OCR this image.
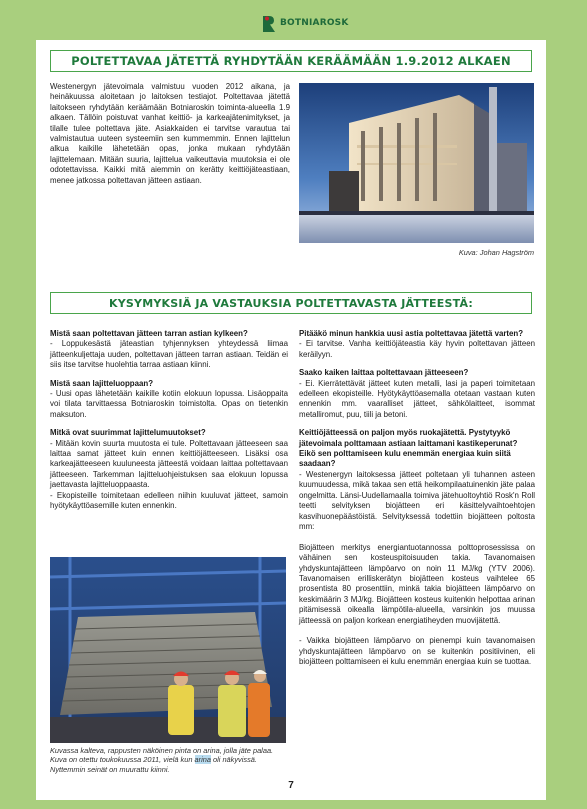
BOTNIAROSK
POLTETTAVAA JÄTETTÄ RYHDYTÄÄN KERÄÄMÄÄN 1.9.2012 ALKAEN
Westenergyn jätevoimala valmistuu vuoden 2012 aikana, ja heinäkuussa aloitetaan jo laitoksen testiajot. Poltettavaa jätettä laitokseen ryhdytään keräämään Botniaroskin toiminta-alueella 1.9 alkaen. Tällöin poistuvat vanhat keittiö- ja karkeajätenimitykset, ja tilalle tulee poltettava jäte. Asiakkaiden ei tarvitse varautua tai valmistautua uuteen systeemiin sen kummemmin. Ennen lajittelun alkua kaikille lähetetään opas, jonka mukaan ryhdytään lajittelemaan. Mitään suuria, lajittelua vaikeuttavia muutoksia ei ole odotettavissa. Kaikki mitä aiemmin on kerätty keittiöjäteastiaan, menee jatkossa poltettavan jätteen astiaan.
Kuva: Johan Hagström
KYSYMYKSIÄ JA VASTAUKSIA POLTETTAVASTA JÄTTEESTÄ:
Mistä saan poltettavan jätteen tarran astian kylkeen?
- Loppukesästä jäteastian tyhjennyksen yhteydessä liimaa jätteenkuljettaja uuden, poltettavan jätteen tarran astiaan. Teidän ei siis itse tarvitse huolehtia tarraa astiaan kiinni.
Mistä saan lajitteluoppaan?
- Uusi opas lähetetään kaikille kotiin elokuun lopussa. Lisäoppaita voi tilata tarvittaessa Botniaroskin toimistolta. Opas on tietenkin maksuton.
Mitkä ovat suurimmat lajittelumuutokset?
- Mitään kovin suurta muutosta ei tule. Poltettavaan jätteeseen saa laittaa samat jätteet kuin ennen keittiöjätteeseen. Lisäksi osa karkeajätteeseen kuuluneesta jätteestä voidaan laittaa poltettavaan jätteeseen. Tarkemman lajitteluohjeistuksen saa elokuun lopussa jaettavasta lajitteluoppaasta.
- Ekopisteille toimitetaan edelleen niihin kuuluvat jätteet, samoin hyötykäyttöasemille kuten ennenkin.
Kuvassa kalteva, rappusten näköinen pinta on arina, jolla jäte palaa. Kuva on otettu toukokuussa 2011, vielä kun arina oli näkyvissä. Nyttemmin seinät on muurattu kiinni.
Pitääkö minun hankkia uusi astia poltettavaa jätettä varten?
- Ei tarvitse. Vanha keittiöjäteastia käy hyvin poltettavan jätteen keräilyyn.
Saako kaiken laittaa poltettavaan jätteeseen?
- Ei. Kierrätettävät jätteet kuten metalli, lasi ja paperi toimitetaan edelleen ekopisteille. Hyötykäyttöasemalla otetaan vastaan kuten ennenkin mm. vaaralliset jätteet, sähkölaitteet, isommat metalliromut, puu, tiili ja betoni.
Keittiöjätteessä on paljon myös ruokajätettä. Pystytyykö jätevoimala polttamaan astiaan laittamani kastikeperunat? Eikö sen polttamiseen kulu enemmän energiaa kuin siitä saadaan?
- Westenergyn laitoksessa jätteet poltetaan yli tuhannen asteen kuumuudessa, mikä takaa sen että heikompilaatuinenkin jäte palaa ongelmitta. Länsi-Uudellamaalla toimiva jätehuoltoyhtiö Rosk'n Roll teetti selvityksen biojätteen eri käsittelyvaihtoehtojen kasvihuonepäästöistä. Selvityksessä todettiin biojätteen poltosta mm:

Biojätteen merkitys energiantuotannossa polttoprosessissa on vähäinen sen kosteuspitoisuuden takia. Tavanomaisen yhdyskuntajätteen lämpöarvo on noin 11 MJ/kg (YTV 2006). Tavanomaisen erilliskerätyn biojätteen kosteus vaihtelee 65 prosentista 80 prosenttiin, minkä takia biojätteen lämpöarvo on keskimäärin 3 MJ/kg. Biojätteen kosteus kuitenkin helpottaa arinan pitämisessä oikealla lämpötila-alueella, varsinkin jos muussa jätteessä on paljon korkean energiatiheyden muovijätettä.

- Vaikka biojätteen lämpöarvo on pienempi kuin tavanomaisen yhdyskuntajätteen lämpöarvo on se kuitenkin positiivinen, eli biojätteen polttamiseen ei kulu enemmän energiaa kuin se tuottaa.
7
